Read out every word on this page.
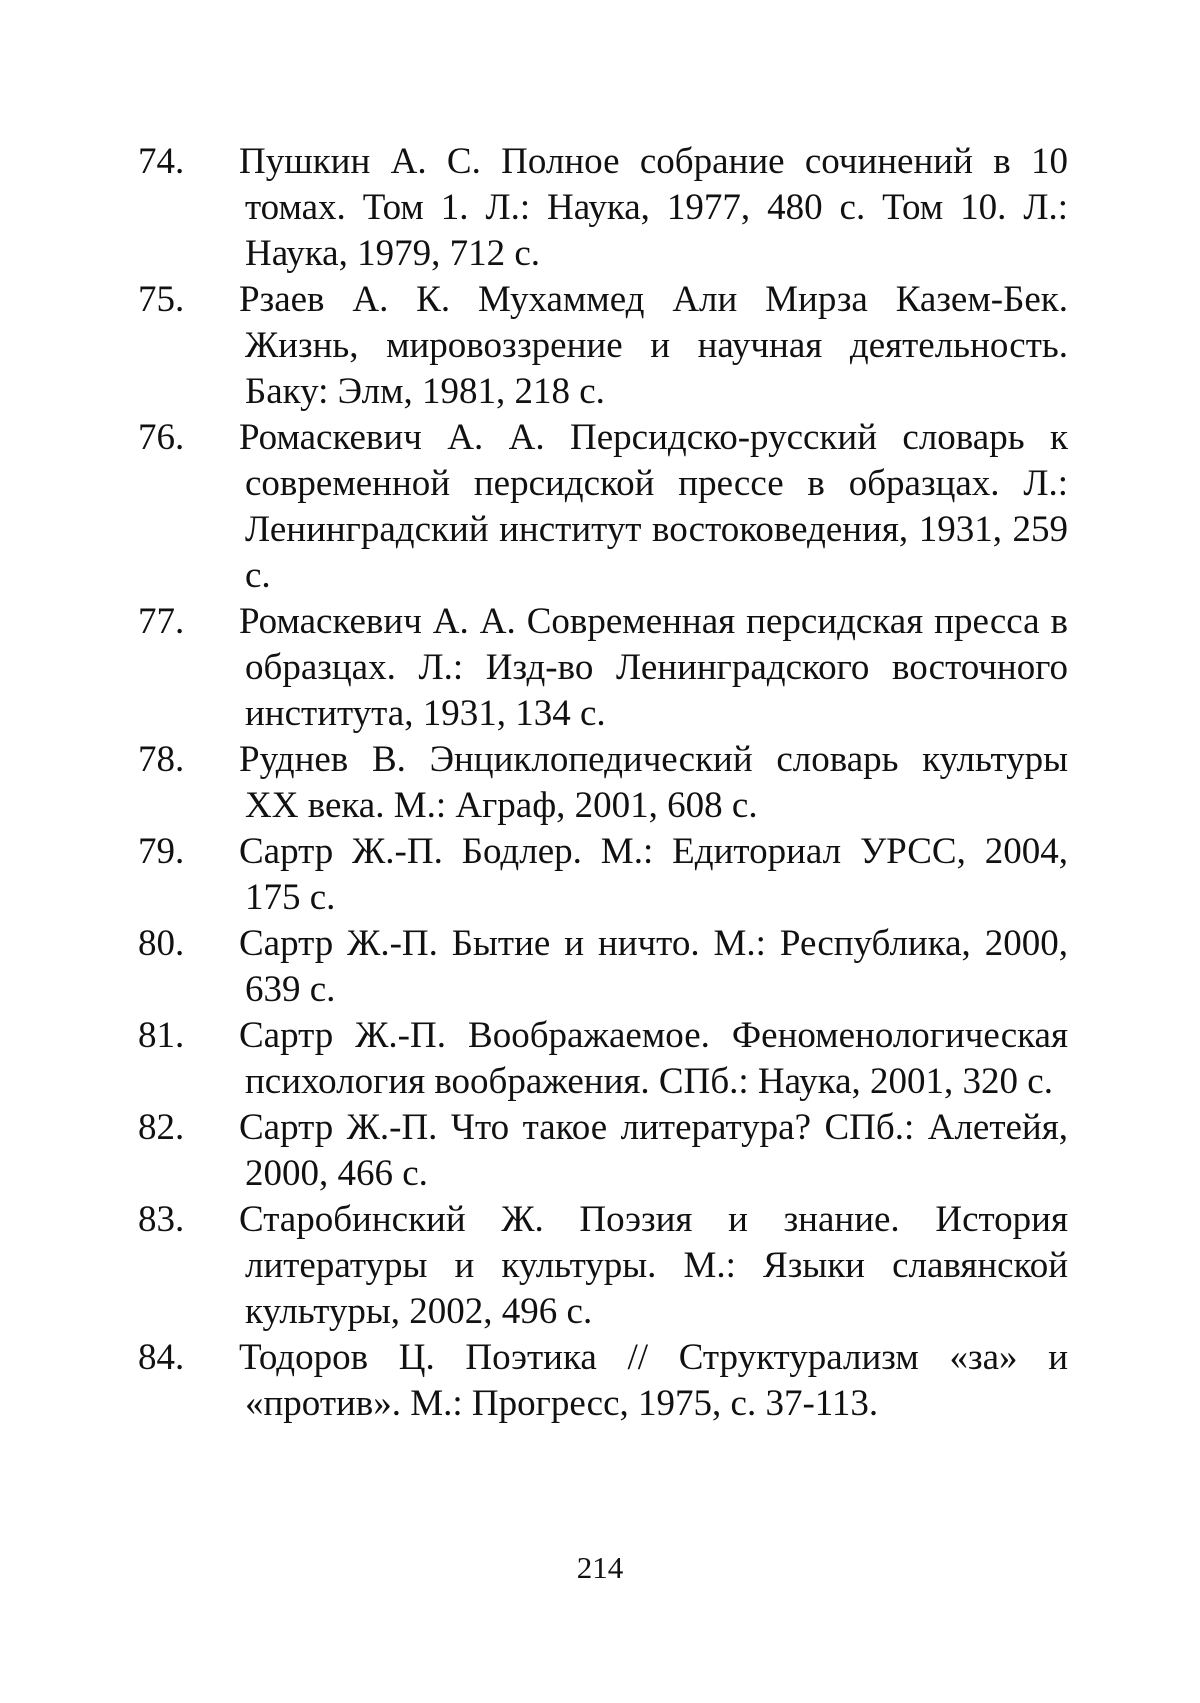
74.	Пушкин А. С. Полное собрание сочинений в 10 томах. Том 1. Л.: Наука, 1977, 480 с. Том 10. Л.: Наука, 1979, 712 с.
75.	Рзаев А. К. Мухаммед Али Мирза Казем-Бек. Жизнь, мировоззрение и научная деятельность. Баку: Элм, 1981, 218 с.
76.	Ромаскевич А. А. Персидско-русский словарь к современной персидской прессе в образцах. Л.: Ленинградский институт востоковедения, 1931, 259 с.
77.	Ромаскевич А. А. Современная персидская пресса в образцах. Л.: Изд-во Ленинградского восточного института, 1931, 134 с.
78.	Руднев В. Энциклопедический словарь культуры XX века. М.: Аграф, 2001, 608 с.
79.	Сартр Ж.-П. Бодлер. М.: Едиториал УРСС, 2004, 175 с.
80.	Сартр Ж.-П. Бытие и ничто. М.: Республика, 2000, 639 с.
81.	Сартр Ж.-П. Воображаемое. Феноменологическая психология воображения. СПб.: Наука, 2001, 320 с.
82.	Сартр Ж.-П. Что такое литература? СПб.: Алетейя, 2000, 466 с.
83.	Старобинский Ж. Поэзия и знание. История литературы и культуры. М.: Языки славянской культуры, 2002, 496 с.
84.	Тодоров Ц. Поэтика // Структурализм «за» и «против». М.: Прогресс, 1975, с. 37-113.
214
